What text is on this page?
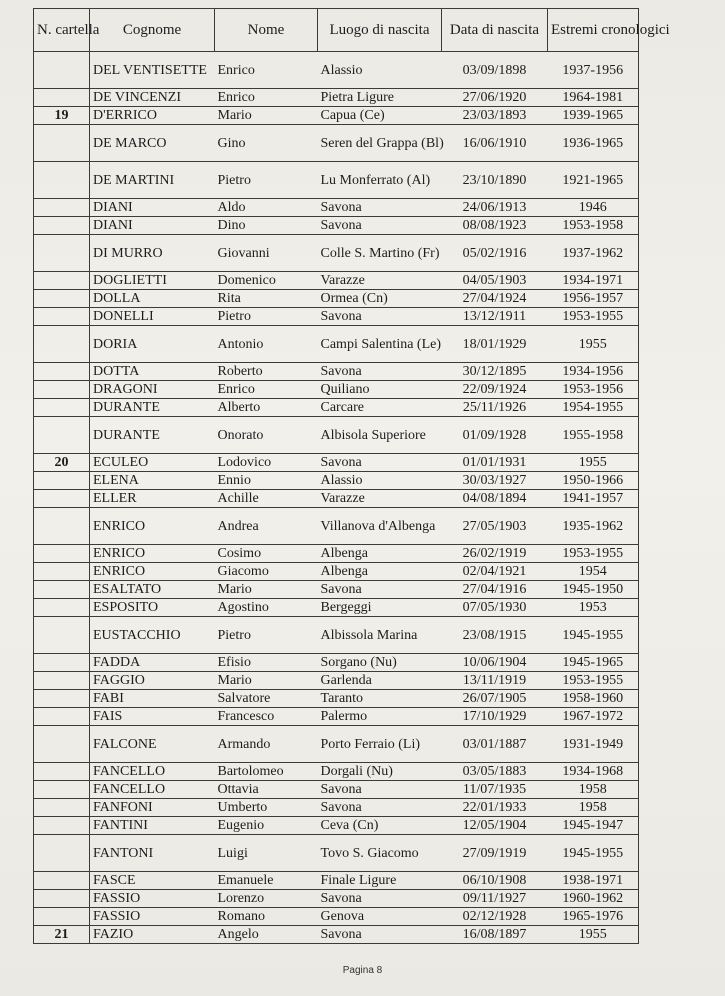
N. cartella	Cognome	Nome	Luogo di nascita	Data di nascita	Estremi cronologici
	DEL VENTISETTE	Enrico	Alassio	03/09/1898	1937-1956
	DE VINCENZI	Enrico	Pietra Ligure	27/06/1920	1964-1981
19	D'ERRICO	Mario	Capua (Ce)	23/03/1893	1939-1965
	DE MARCO	Gino	Seren del Grappa (Bl)	16/06/1910	1936-1965
	DE MARTINI	Pietro	Lu Monferrato (Al)	23/10/1890	1921-1965
	DIANI	Aldo	Savona	24/06/1913	1946
	DIANI	Dino	Savona	08/08/1923	1953-1958
	DI MURRO	Giovanni	Colle S. Martino (Fr)	05/02/1916	1937-1962
	DOGLIETTI	Domenico	Varazze	04/05/1903	1934-1971
	DOLLA	Rita	Ormea (Cn)	27/04/1924	1956-1957
	DONELLI	Pietro	Savona	13/12/1911	1953-1955
	DORIA	Antonio	Campi Salentina (Le)	18/01/1929	1955
	DOTTA	Roberto	Savona	30/12/1895	1934-1956
	DRAGONI	Enrico	Quiliano	22/09/1924	1953-1956
	DURANTE	Alberto	Carcare	25/11/1926	1954-1955
	DURANTE	Onorato	Albisola Superiore	01/09/1928	1955-1958
20	ECULEO	Lodovico	Savona	01/01/1931	1955
	ELENA	Ennio	Alassio	30/03/1927	1950-1966
	ELLER	Achille	Varazze	04/08/1894	1941-1957
	ENRICO	Andrea	Villanova d'Albenga	27/05/1903	1935-1962
	ENRICO	Cosimo	Albenga	26/02/1919	1953-1955
	ENRICO	Giacomo	Albenga	02/04/1921	1954
	ESALTATO	Mario	Savona	27/04/1916	1945-1950
	ESPOSITO	Agostino	Bergeggi	07/05/1930	1953
	EUSTACCHIO	Pietro	Albissola Marina	23/08/1915	1945-1955
	FADDA	Efisio	Sorgano (Nu)	10/06/1904	1945-1965
	FAGGIO	Mario	Garlenda	13/11/1919	1953-1955
	FABI	Salvatore	Taranto	26/07/1905	1958-1960
	FAIS	Francesco	Palermo	17/10/1929	1967-1972
	FALCONE	Armando	Porto Ferraio (Li)	03/01/1887	1931-1949
	FANCELLO	Bartolomeo	Dorgali (Nu)	03/05/1883	1934-1968
	FANCELLO	Ottavia	Savona	11/07/1935	1958
	FANFONI	Umberto	Savona	22/01/1933	1958
	FANTINI	Eugenio	Ceva (Cn)	12/05/1904	1945-1947
	FANTONI	Luigi	Tovo S. Giacomo	27/09/1919	1945-1955
	FASCE	Emanuele	Finale Ligure	06/10/1908	1938-1971
	FASSIO	Lorenzo	Savona	09/11/1927	1960-1962
	FASSIO	Romano	Genova	02/12/1928	1965-1976
21	FAZIO	Angelo	Savona	16/08/1897	1955
Pagina 8
